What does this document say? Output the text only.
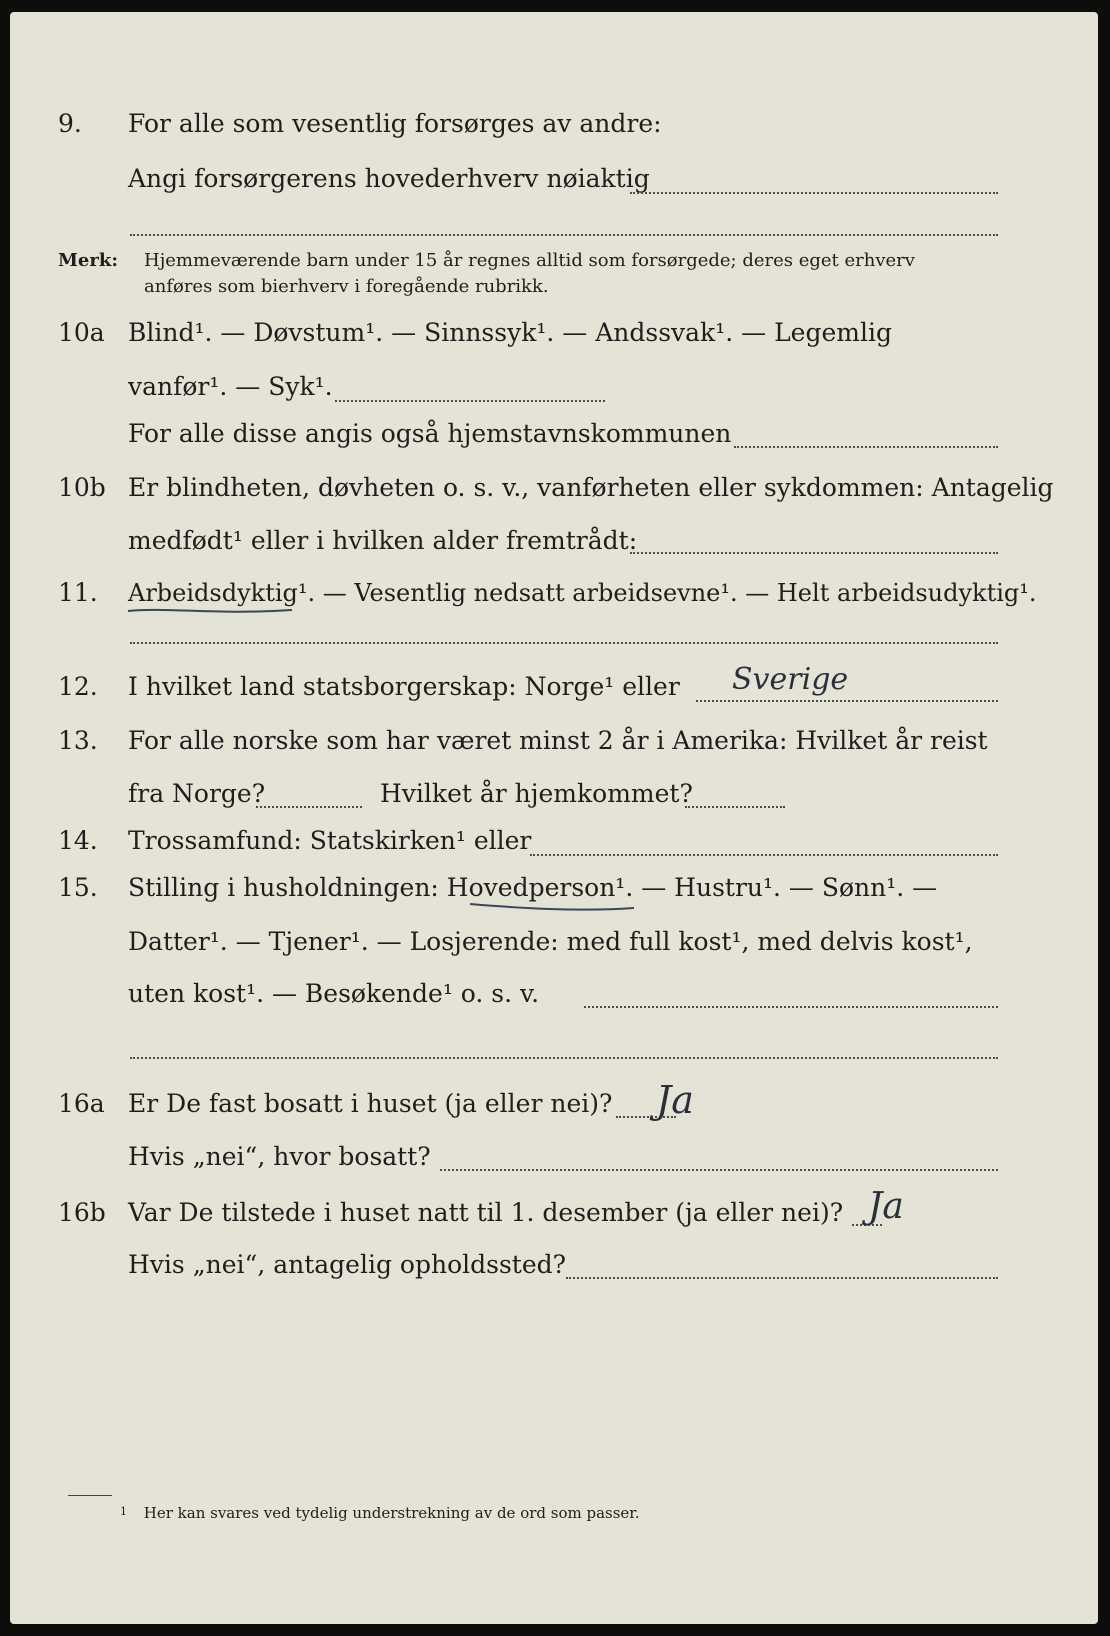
9.	For alle som vesentlig forsørges av andre:
Angi forsørgerens hovederhverv nøiaktig
Merk: Hjemmeværende barn under 15 år regnes alltid som forsørgede; deres eget erhverv
anføres som bierhverv i foregående rubrikk.
10a Blind¹. — Døvstum¹. — Sinnssyk¹. — Andssvak¹. — Legemlig
vanfør¹. — Syk¹.
For alle disse angis også hjemstavnskommunen
10b Er blindheten, døvheten o. s. v., vanførheten eller sykdommen: Antagelig
medfødt¹ eller i hvilken alder fremtrådt:
11.	Arbeidsdyktig¹. — Vesentlig nedsatt arbeidsevne¹. — Helt arbeidsudyktig¹.
12.	I hvilket land statsborgerskap: Norge¹ eller Sverige
13.	For alle norske som har været minst 2 år i Amerika: Hvilket år reist
fra Norge?	Hvilket år hjemkommet?
14.	Trossamfund: Statskirken¹ eller
15.	Stilling i husholdningen: Hovedperson¹. — Hustru¹. — Sønn¹. —
Datter¹. — Tjener¹. — Losjerende: med full kost¹, med delvis kost¹,
uten kost¹. — Besøkende¹ o. s. v.
16a Er De fast bosatt i huset (ja eller nei)? Ja
Hvis „nei“, hvor bosatt?
16b Var De tilstede i huset natt til 1. desember (ja eller nei)? Ja
Hvis „nei“, antagelig opholdssted?
$^1$ Her kan svares ved tydelig understrekning av de ord som passer.
